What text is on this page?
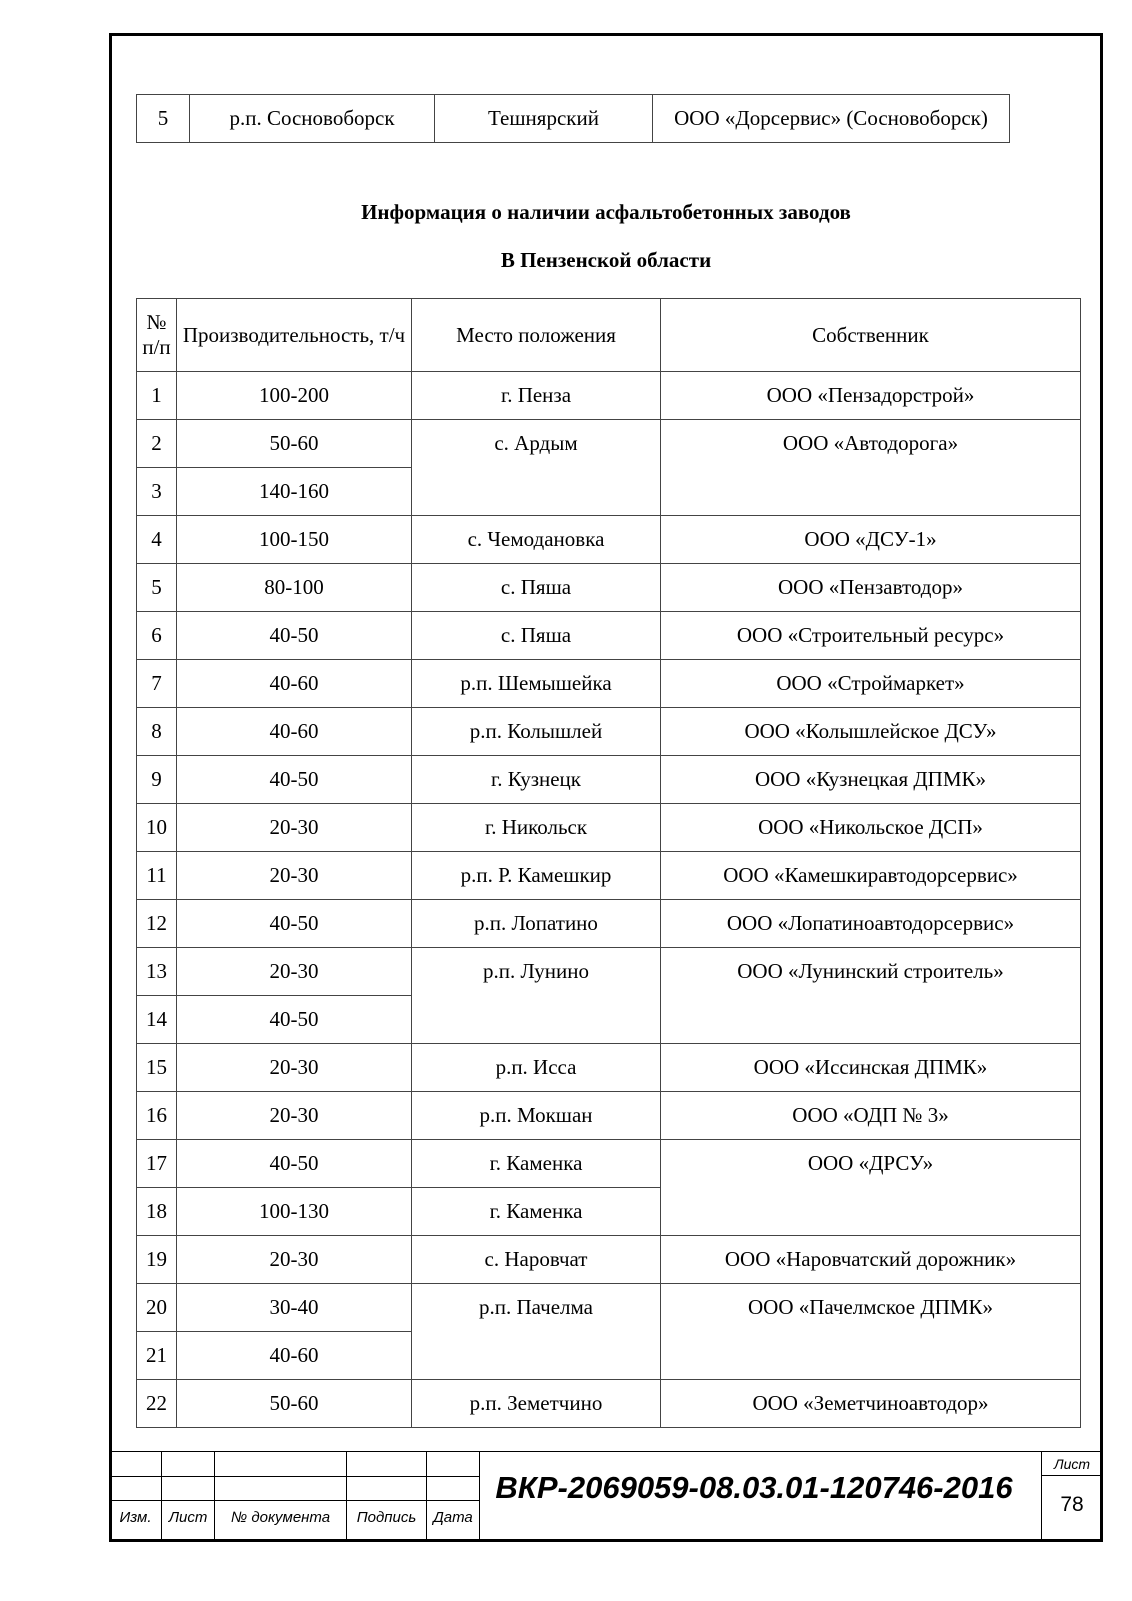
5	р.п. Сосновоборск	Тешнярский	ООО «Дорсервис» (Сосновоборск)
Информация о наличии асфальтобетонных заводов
В Пензенской области
№ п/п	Производительность, т/ч	Место положения	Собственник
1	100-200	г. Пенза	ООО «Пензадорстрой»
2	50-60	с. Ардым	ООО «Автодорога»
3	140-160		
4	100-150	с. Чемодановка	ООО «ДСУ-1»
5	80-100	с. Пяша	ООО «Пензавтодор»
6	40-50	с. Пяша	ООО «Строительный ресурс»
7	40-60	р.п. Шемышейка	ООО «Строймаркет»
8	40-60	р.п. Колышлей	ООО «Колышлейское ДСУ»
9	40-50	г. Кузнецк	ООО «Кузнецкая ДПМК»
10	20-30	г. Никольск	ООО «Никольское ДСП»
11	20-30	р.п. Р. Камешкир	ООО «Камешкиравтодорсервис»
12	40-50	р.п. Лопатино	ООО «Лопатиноавтодорсервис»
13	20-30	р.п. Лунино	ООО «Лунинский строитель»
14	40-50		
15	20-30	р.п. Исса	ООО «Иссинская ДПМК»
16	20-30	р.п. Мокшан	ООО «ОДП № 3»
17	40-50	г. Каменка	ООО «ДРСУ»
18	100-130	г. Каменка	
19	20-30	с. Наровчат	ООО «Наровчатский дорожник»
20	30-40	р.п. Пачелма	ООО «Пачелмское ДПМК»
21	40-60		
22	50-60	р.п. Земетчино	ООО «Земетчиноавтодор»
Изм.	Лист	№ документа	Подпись	Дата
ВКР-2069059-08.03.01-120746-2016
Лист
78
